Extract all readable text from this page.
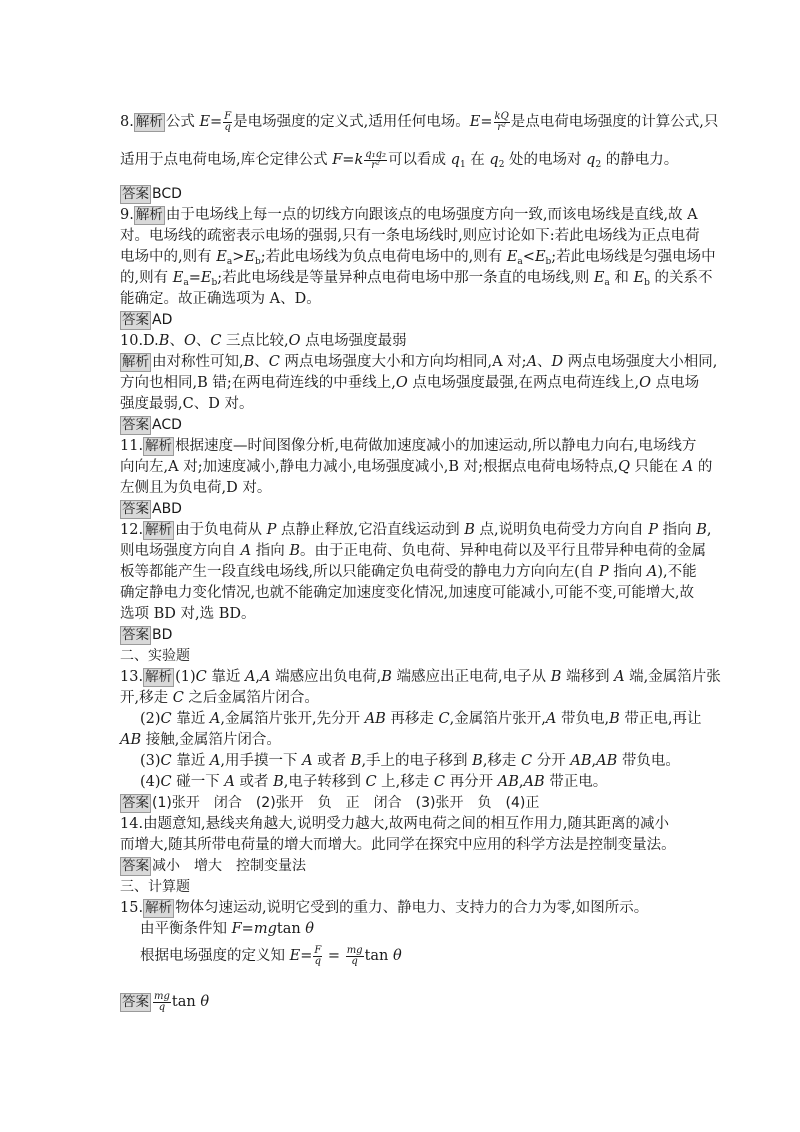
8. 解析 公式 $E= \frac{F}{q}$ 是电场强度的定义式,适用任何电场。$E= \frac{kQ}{\text{r²}}$ 是点电荷电场强度的计算公式,只
适用于点电荷电场,库仑定律公式 $F=k \frac{\text{q₁q₂}}{\text{r²}}$ 可以看成 $q_1$ 在 $q_2$ 处的电场对 $q_2$ 的静电力。
答案 BCD
9. 解析 由于电场线上每一点的切线方向跟该点的电场强度方向一致,而该电场线是直线,故 A
对。电场线的疏密表示电场的强弱,只有一条电场线时,则应讨论如下:若此电场线为正点电荷
电场中的,则有 $E_a>E_b$;若此电场线为负点电荷电场中的,则有 $E_a<E_b$;若此电场线是匀强电场中
的,则有 $E_a=E_b$;若此电场线是等量异种点电荷电场中那一条直的电场线,则 $E_a$ 和 $E_b$ 的关系不
能确定。故正确选项为 A、D。
答案 AD
10.D.B、O、C 三点比较,O 点电场强度最弱
解析 由对称性可知,B、C 两点电场强度大小和方向均相同,A 对;A、D 两点电场强度大小相同,
方向也相同,B 错;在两电荷连线的中垂线上,O 点电场强度最强,在两点电荷连线上,O 点电场
强度最弱,C、D 对。
答案 ACD
11. 解析 根据速度—时间图像分析,电荷做加速度减小的加速运动,所以静电力向右,电场线方
向向左,A 对;加速度减小,静电力减小,电场强度减小,B 对;根据点电荷电场特点,Q 只能在 A 的
左侧且为负电荷,D 对。
答案 ABD
12. 解析 由于负电荷从 P 点静止释放,它沿直线运动到 B 点,说明负电荷受力方向自 P 指向 B,
则电场强度方向自 A 指向 B。由于正电荷、负电荷、异种电荷以及平行且带异种电荷的金属
板等都能产生一段直线电场线,所以只能确定负电荷受的静电力方向向左(自 P 指向 A),不能
确定静电力变化情况,也就不能确定加速度变化情况,加速度可能减小,可能不变,可能增大,故
选项 BD 对,选 BD。
答案 BD
二、实验题
13. 解析 (1)C 靠近 A,A 端感应出负电荷,B 端感应出正电荷,电子从 B 端移到 A 端,金属箔片张
开,移走 C 之后金属箔片闭合。
(2)C 靠近 A,金属箔片张开,先分开 AB 再移走 C,金属箔片张开,A 带负电,B 带正电,再让
AB 接触,金属箔片闭合。
(3)C 靠近 A,用手摸一下 A 或者 B,手上的电子移到 B,移走 C 分开 AB,AB 带负电。
(4)C 碰一下 A 或者 B,电子转移到 C 上,移走 C 再分开 AB,AB 带正电。
答案 (1)张开　闭合　(2)张开　负　正　闭合　(3)张开　负　(4)正
14.由题意知,悬线夹角越大,说明受力越大,故两电荷之间的相互作用力,随其距离的减小
而增大,随其所带电荷量的增大而增大。此同学在探究中应用的科学方法是控制变量法。
答案 减小　增大　控制变量法
三、计算题
15. 解析 物体匀速运动,说明它受到的重力、静电力、支持力的合力为零,如图所示。
由平衡条件知 F=mgtan θ
根据电场强度的定义知 $E= \frac{F}{q} = \frac{mg}{q}$ tan θ
答案 $\frac{mg}{q}$ tan θ
